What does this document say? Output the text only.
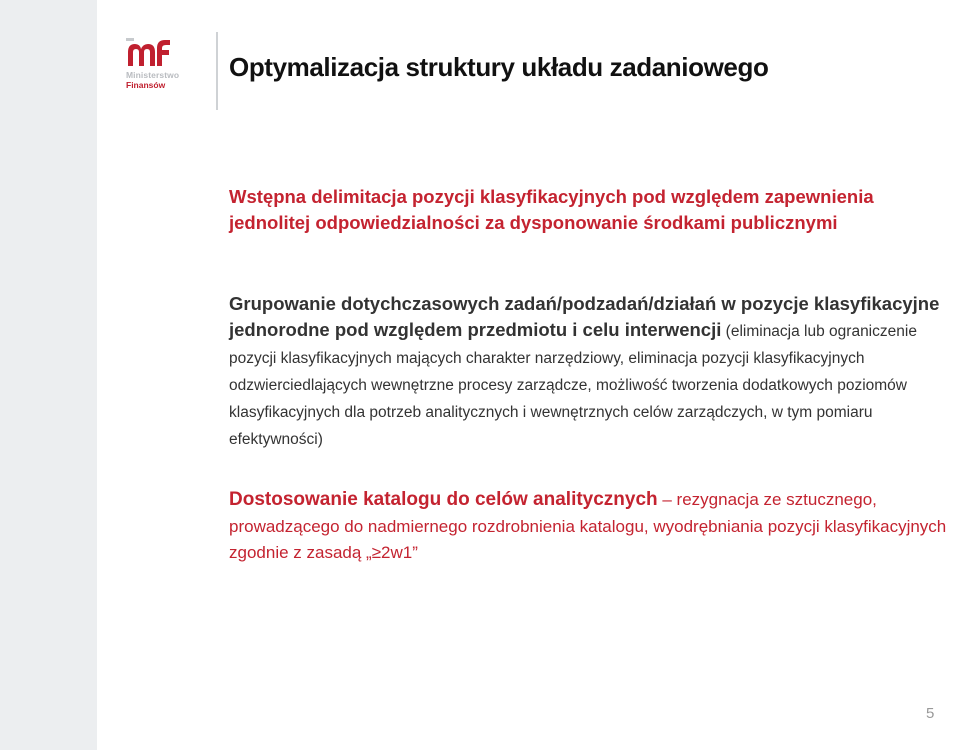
Ministerstwo
Finansów
Optymalizacja struktury układu zadaniowego

Wstępna delimitacja pozycji klasyfikacyjnych pod względem zapewnienia jednolitej odpowiedzialności za dysponowanie środkami publicznymi

Grupowanie dotychczasowych zadań/podzadań/działań w pozycje klasyfikacyjne jednorodne pod względem przedmiotu i celu interwencji (eliminacja lub ograniczenie pozycji klasyfikacyjnych mających charakter narzędziowy, eliminacja pozycji klasyfikacyjnych odzwierciedlających wewnętrzne procesy zarządcze, możliwość tworzenia dodatkowych poziomów klasyfikacyjnych dla potrzeb analitycznych i wewnętrznych celów zarządczych, w tym pomiaru efektywności)

Dostosowanie katalogu do celów analitycznych – rezygnacja ze sztucznego, prowadzącego do nadmiernego rozdrobnienia katalogu, wyodrębniania pozycji klasyfikacyjnych zgodnie z zasadą „≥2w1”

5
